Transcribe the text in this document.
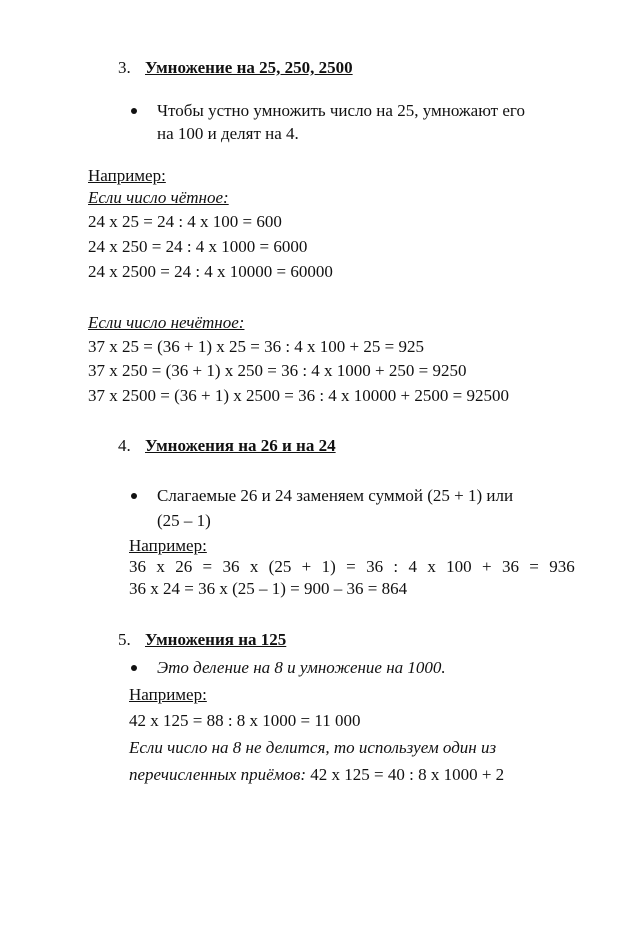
3. Умножение на 25, 250, 2500
Чтобы устно умножить число на 25, умножают его
на 100 и делят на 4.
Например:
Если число чётное:
24 х 25 = 24 : 4 х 100 = 600
24 х 250 = 24 : 4 х 1000 = 6000
24 х 2500 = 24 : 4 х 10000 = 60000
Если число нечётное:
37 х 25 = (36 + 1) х 25 = 36 : 4 х 100 + 25 = 925
37 х 250 = (36 + 1) х 250 = 36 : 4 х 1000 + 250 = 9250
37 х 2500 = (36 + 1) х 2500 = 36 : 4 х 10000 + 2500 = 92500
4. Умножения на 26 и на 24
Слагаемые 26 и 24 заменяем суммой (25 + 1) или
(25 – 1)
Например:
36 х 26 = 36 х (25 + 1) = 36 : 4 х 100 + 36 = 936
36 х 24 = 36 х (25 – 1) = 900 – 36 = 864
5. Умножения на 125
Это деление на 8 и умножение на 1000.
Например:
42 х 125 = 88 : 8 х 1000 = 11 000
Если число на 8 не делится, то используем один из
перечисленных приёмов: 42 х 125 = 40 : 8 х 1000 + 2
